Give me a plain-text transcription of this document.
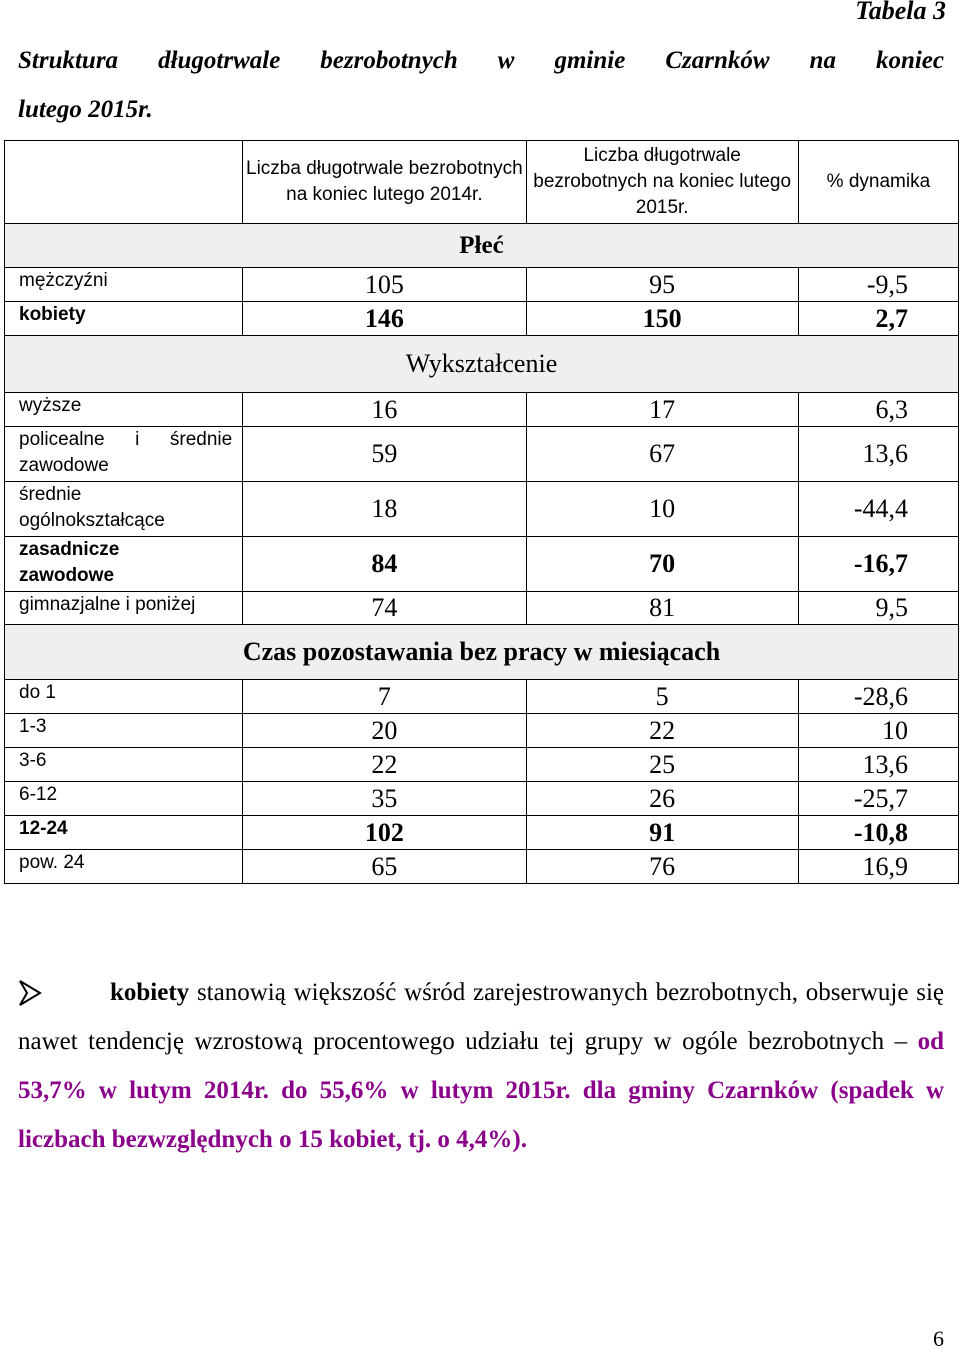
Tabela 3
Struktura długotrwale bezrobotnych w gminie Czarnków na koniec
lutego 2015r.
	Liczba długotrwale bezrobotnych na koniec lutego 2014r.	Liczba długotrwale bezrobotnych na koniec lutego 2015r.	% dynamika
Płeć			
mężczyźni	105	95	-9,5
kobiety	146	150	2,7
Wykształcenie			
wyższe	16	17	6,3

policealne i średnie
zawodowe	59	67	13,6

średnie
ogólnokształcące	18	10	-44,4

zasadnicze
zawodowe	84	70	-16,7
gimnazjalne i poniżej	74	81	9,5
Czas pozostawania bez pracy w miesiącach			
do 1	7	5	-28,6
1-3	20	22	10
3-6	22	25	13,6
6-12	35	26	-25,7
12-24	102	91	-10,8
pow. 24	65	76	16,9
kobiety stanowią większość wśród zarejestrowanych bezrobotnych, obserwuje się nawet tendencję wzrostową procentowego udziału tej grupy w ogóle bezrobotnych – od 53,7% w lutym 2014r. do 55,6% w lutym 2015r. dla gminy Czarnków (spadek w liczbach bezwzględnych o 15 kobiet, tj. o 4,4%).
6
